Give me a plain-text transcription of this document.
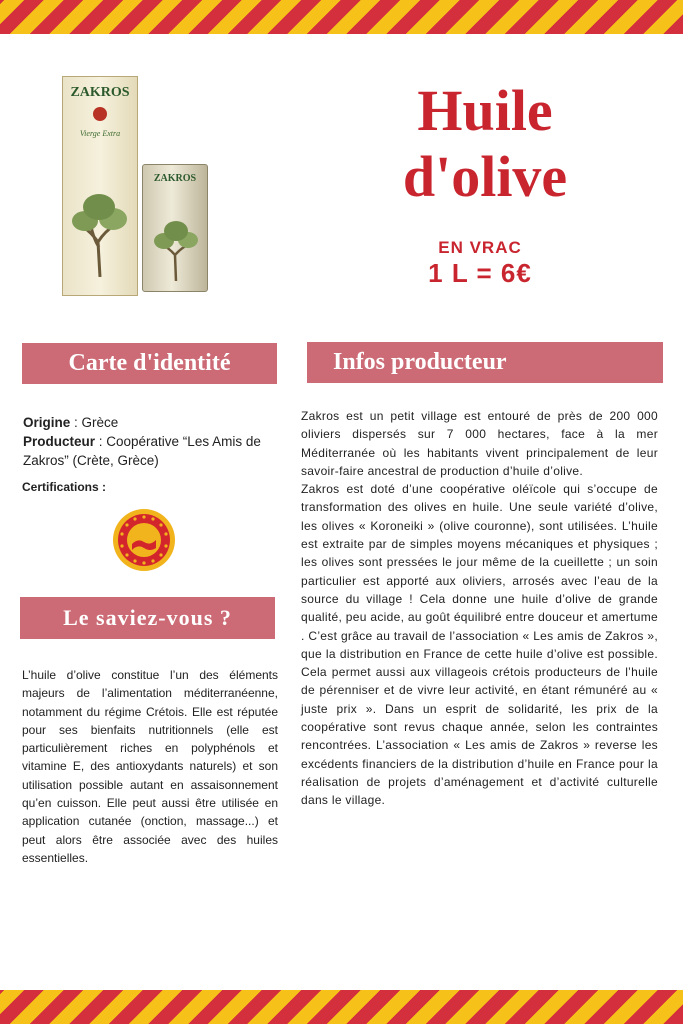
ZAKROS
Vierge Extra
ZAKROS
Huile
d'olive
EN VRAC
1 L = 6€
Carte d'identité	Infos producteur

Origine : Grèce

Producteur : Coopérative “Les Amis de Zakros” (Crète, Grèce)

Certifications :
Le saviez-vous ?

L’huile d’olive constitue l’un des éléments majeurs de l’alimentation méditerranéenne, notamment du régime Crétois. Elle est réputée pour ses bienfaits nutritionnels (elle est particulièrement riches en polyphénols et vitamine E, des antioxydants naturels) et son utilisation possible autant en assaisonnement qu’en cuisson. Elle peut aussi être utilisée en application cutanée (onction, massage...) et peut alors être associée avec des huiles essentielles.

Zakros est un petit village est entouré de près de 200 000 oliviers dispersés sur 7 000 hectares, face à la mer Méditerranée où les habitants vivent principalement de leur savoir-faire ancestral de production d’huile d’olive.

Zakros est doté d’une coopérative oléïcole qui s’occupe de transformation des olives en huile. Une seule variété d’olive, les olives « Koroneiki » (olive couronne), sont utilisées. L’huile est extraite par de simples moyens mécaniques et physiques ; les olives sont pressées le jour même de la cueillette ; un soin particulier est apporté aux oliviers, arrosés avec l’eau de la source du village ! Cela donne une huile d’olive de grande qualité, peu acide, au goût équilibré entre douceur et amertume . C’est grâce au travail de l’association « Les amis de Zakros », que la distribution en France de cette huile d’olive est possible. Cela permet aussi aux villageois crétois producteurs de l’huile de pérenniser et de vivre leur activité, en étant rémunéré au « juste prix ». Dans un esprit de solidarité, les prix de la coopérative sont revus chaque année, selon les contraintes rencontrées. L’association « Les amis de Zakros » reverse les excédents financiers de la distribution d’huile en France pour la réalisation de projets d’aménagement et d’activité culturelle dans le village.
